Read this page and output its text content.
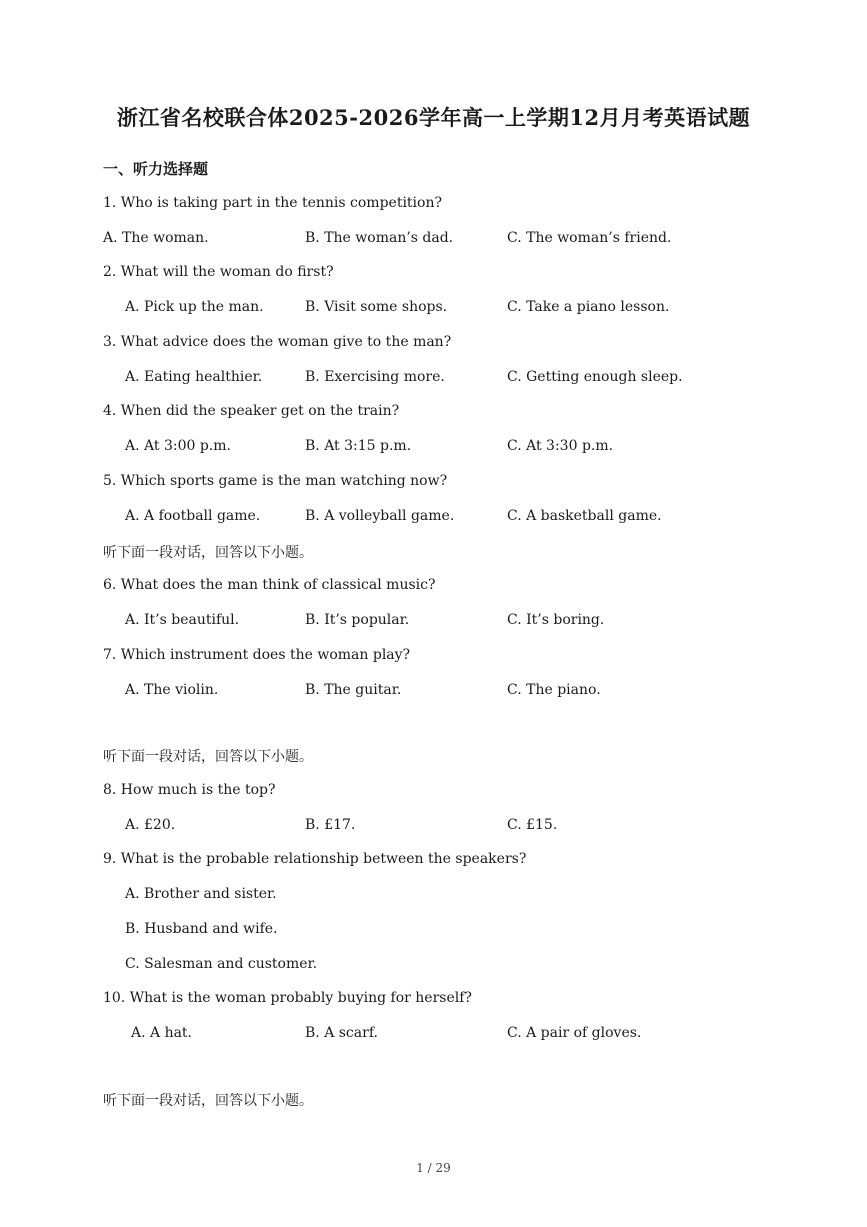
浙江省名校联合体2025-2026学年高一上学期12月月考英语试题
一、听力选择题
1. Who is taking part in the tennis competition?
A. The woman.	B. The woman’s dad.	C. The woman’s friend.
2. What will the woman do first?
A. Pick up the man.	B. Visit some shops.	C. Take a piano lesson.
3. What advice does the woman give to the man?
A. Eating healthier.	B. Exercising more.	C. Getting enough sleep.
4. When did the speaker get on the train?
A. At 3:00 p.m.	B. At 3:15 p.m.	C. At 3:30 p.m.
5. Which sports game is the man watching now?
A. A football game.	B. A volleyball game.	C. A basketball game.
听下面一段对话，回答以下小题。
6. What does the man think of classical music?
A. It’s beautiful.	B. It’s popular.	C. It’s boring.
7. Which instrument does the woman play?
A. The violin.	B. The guitar.	C. The piano.
听下面一段对话，回答以下小题。
8. How much is the top?
A. £20.	B. £17.	C. £15.
9. What is the probable relationship between the speakers?
A. Brother and sister.
B. Husband and wife.
C. Salesman and customer.
10. What is the woman probably buying for herself?
A. A hat.	B. A scarf.	C. A pair of gloves.
听下面一段对话，回答以下小题。
1 / 29
